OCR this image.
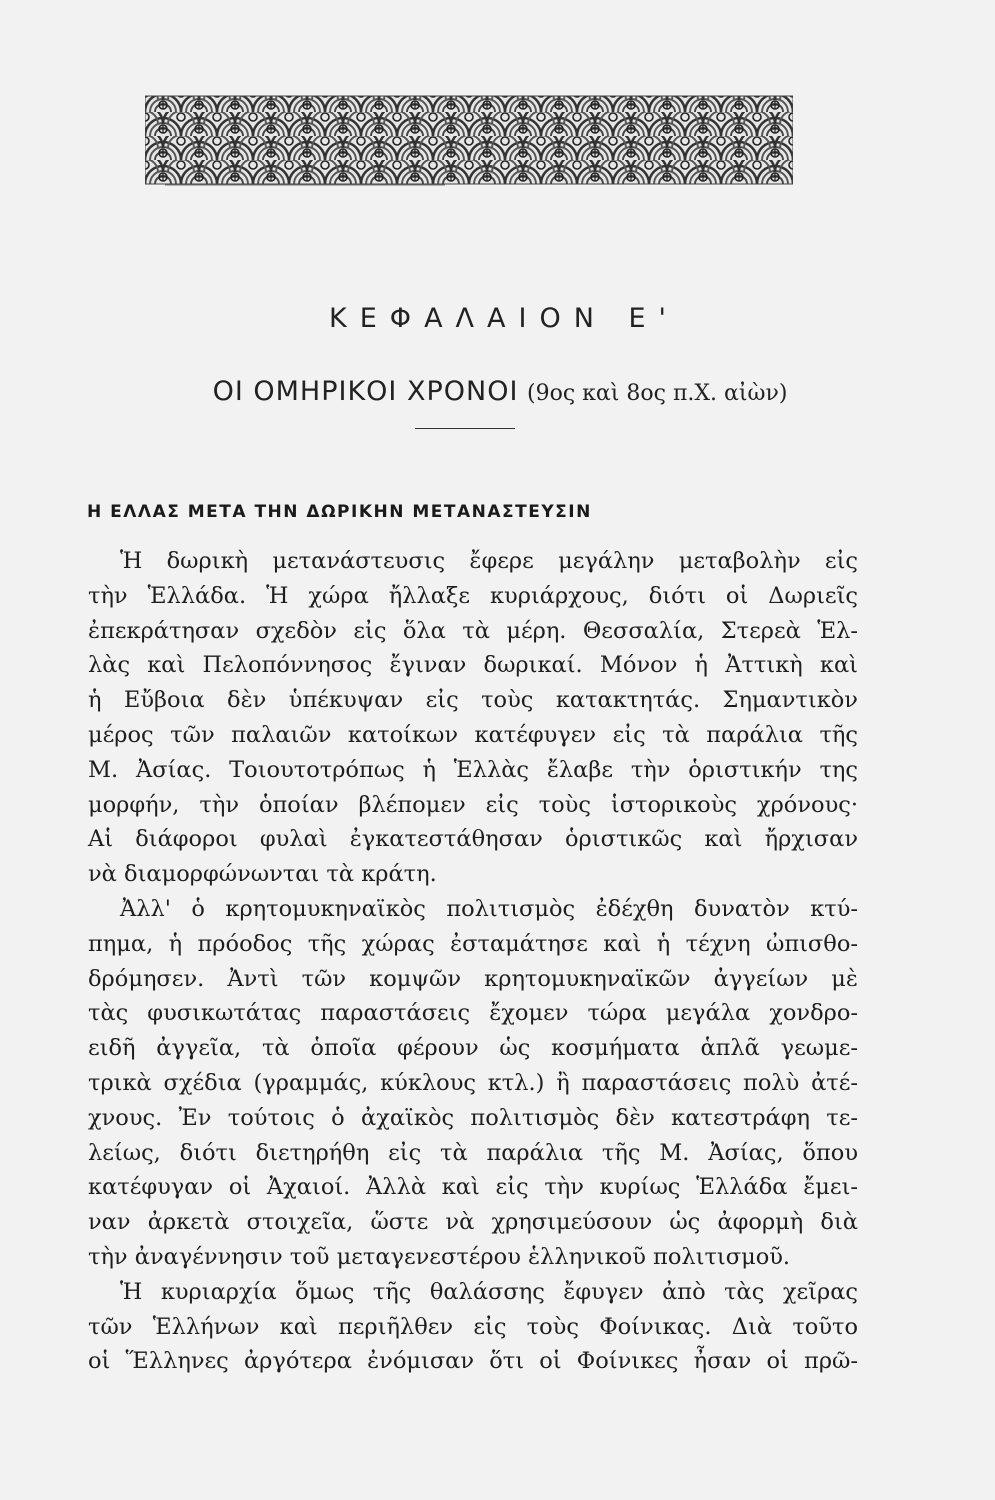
ΚΕΦΑΛΑΙΟΝ Ε'
ΟΙ ΟΜΗΡΙΚΟΙ ΧΡΟΝΟΙ (9ος καὶ 8ος π.Χ. αἰὼν)
Η ΕΛΛΑΣ ΜΕΤΑ ΤΗΝ ΔΩΡΙΚΗΝ ΜΕΤΑΝΑΣΤΕΥΣΙΝ
Ἡ δωρικὴ μετανάστευσις ἔφερε μεγάλην μεταβολὴν εἰς
τὴν Ἑλλάδα. Ἡ χώρα ἤλλαξε κυριάρχους, διότι οἱ Δωριεῖς
ἐπεκράτησαν σχεδὸν εἰς ὅλα τὰ μέρη. Θεσσαλία, Στερεὰ Ἑλ-
λὰς καὶ Πελοπόννησος ἔγιναν δωρικαί. Μόνον ἡ Ἀττικὴ καὶ
ἡ Εὔβοια δὲν ὑπέκυψαν εἰς τοὺς κατακτητάς. Σημαντικὸν
μέρος τῶν παλαιῶν κατοίκων κατέφυγεν εἰς τὰ παράλια τῆς
Μ. Ἀσίας. Τοιουτοτρόπως ἡ Ἑλλὰς ἔλαβε τὴν ὁριστικήν της
μορφήν, τὴν ὁποίαν βλέπομεν εἰς τοὺς ἱστορικοὺς χρόνους·
Αἱ διάφοροι φυλαὶ ἐγκατεστάθησαν ὁριστικῶς καὶ ἤρχισαν
νὰ διαμορφώνωνται τὰ κράτη.
Ἀλλ' ὁ κρητομυκηναϊκὸς πολιτισμὸς ἐδέχθη δυνατὸν κτύ-
πημα, ἡ πρόοδος τῆς χώρας ἐσταμάτησε καὶ ἡ τέχνη ὠπισθο-
δρόμησεν. Ἀντὶ τῶν κομψῶν κρητομυκηναϊκῶν ἀγγείων μὲ
τὰς φυσικωτάτας παραστάσεις ἔχομεν τώρα μεγάλα χονδρο-
ειδῆ ἀγγεῖα, τὰ ὁποῖα φέρουν ὡς κοσμήματα ἁπλᾶ γεωμε-
τρικὰ σχέδια (γραμμάς, κύκλους κτλ.) ἢ παραστάσεις πολὺ ἀτέ-
χνους. Ἐν τούτοις ὁ ἀχαϊκὸς πολιτισμὸς δὲν κατεστράφη τε-
λείως, διότι διετηρήθη εἰς τὰ παράλια τῆς Μ. Ἀσίας, ὅπου
κατέφυγαν οἱ Ἀχαιοί. Ἀλλὰ καὶ εἰς τὴν κυρίως Ἑλλάδα ἔμει-
ναν ἀρκετὰ στοιχεῖα, ὥστε νὰ χρησιμεύσουν ὡς ἀφορμὴ διὰ
τὴν ἀναγέννησιν τοῦ μεταγενεστέρου ἑλληνικοῦ πολιτισμοῦ.
Ἡ κυριαρχία ὅμως τῆς θαλάσσης ἔφυγεν ἀπὸ τὰς χεῖρας
τῶν Ἑλλήνων καὶ περιῆλθεν εἰς τοὺς Φοίνικας. Διὰ τοῦτο
οἱ Ἕλληνες ἀργότερα ἐνόμισαν ὅτι οἱ Φοίνικες ἦσαν οἱ πρῶ-
